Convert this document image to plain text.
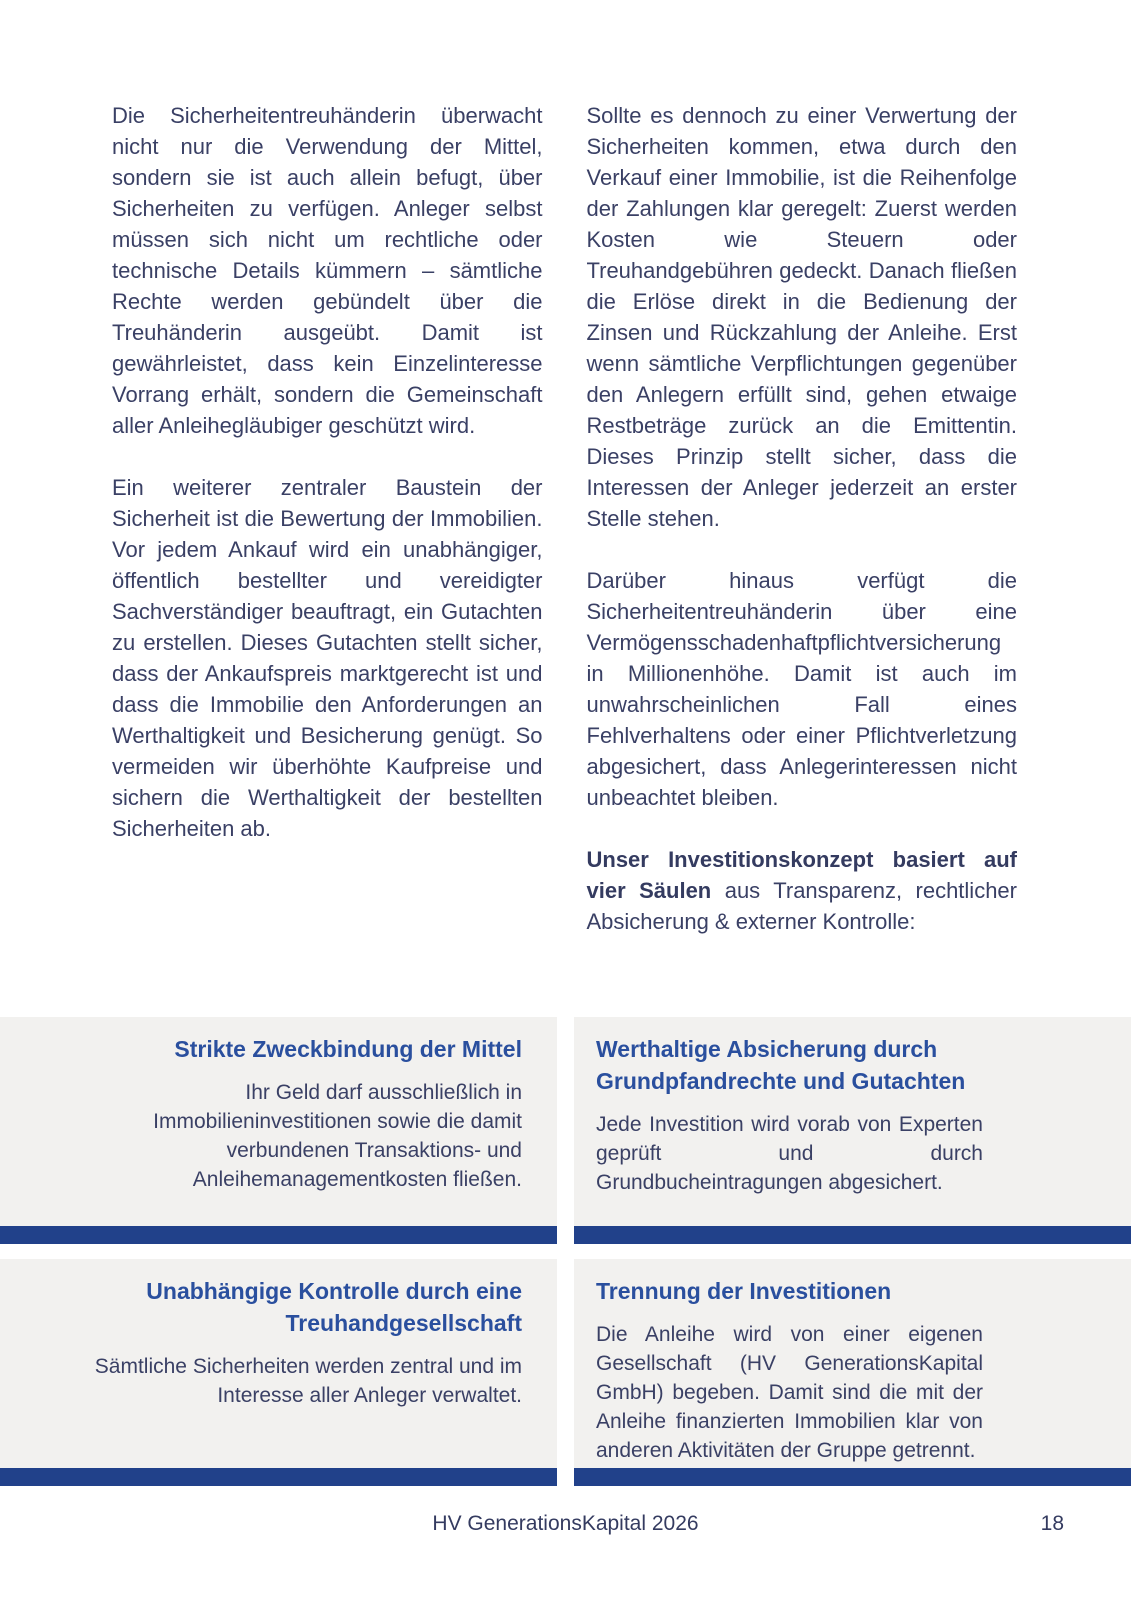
Die Sicherheitentreuhänderin überwacht nicht nur die Verwendung der Mittel, sondern sie ist auch allein befugt, über Sicherheiten zu verfügen. Anleger selbst müssen sich nicht um rechtliche oder technische Details kümmern – sämtliche Rechte werden gebündelt über die Treuhänderin ausgeübt. Damit ist gewährleistet, dass kein Einzelinteresse Vorrang erhält, sondern die Gemeinschaft aller Anleihegläubiger geschützt wird.

Ein weiterer zentraler Baustein der Sicherheit ist die Bewertung der Immobilien. Vor jedem Ankauf wird ein unabhängiger, öffentlich bestellter und vereidigter Sachverständiger beauftragt, ein Gutachten zu erstellen. Dieses Gutachten stellt sicher, dass der Ankaufspreis marktgerecht ist und dass die Immobilie den Anforderungen an Werthaltigkeit und Besicherung genügt. So vermeiden wir überhöhte Kaufpreise und sichern die Werthaltigkeit der bestellten Sicherheiten ab.

Sollte es dennoch zu einer Verwertung der Sicherheiten kommen, etwa durch den Verkauf einer Immobilie, ist die Reihenfolge der Zahlungen klar geregelt: Zuerst werden Kosten wie Steuern oder Treuhandgebühren gedeckt. Danach fließen die Erlöse direkt in die Bedienung der Zinsen und Rückzahlung der Anleihe. Erst wenn sämtliche Verpflichtungen gegenüber den Anlegern erfüllt sind, gehen etwaige Restbeträge zurück an die Emittentin. Dieses Prinzip stellt sicher, dass die Interessen der Anleger jederzeit an erster Stelle stehen.

Darüber hinaus verfügt die Sicherheitentreuhänderin über eine Vermögensschadenhaftpflichtversicherung in Millionenhöhe. Damit ist auch im unwahrscheinlichen Fall eines Fehlverhaltens oder einer Pflichtverletzung abgesichert, dass Anlegerinteressen nicht unbeachtet bleiben.

Unser Investitionskonzept basiert auf vier Säulen aus Transparenz, rechtlicher Absicherung & externer Kontrolle:

Strikte Zweckbindung der Mittel

Ihr Geld darf ausschließlich in Immobilieninvestitionen sowie die damit verbundenen Transaktions- und Anleihemanagementkosten fließen.

Werthaltige Absicherung durch Grundpfandrechte und Gutachten

Jede Investition wird vorab von Experten geprüft und durch Grundbucheintragungen abgesichert.

Unabhängige Kontrolle durch eine Treuhandgesellschaft

Sämtliche Sicherheiten werden zentral und im Interesse aller Anleger verwaltet.

Trennung der Investitionen

Die Anleihe wird von einer eigenen Gesellschaft (HV GenerationsKapital GmbH) begeben. Damit sind die mit der Anleihe finanzierten Immobilien klar von anderen Aktivitäten der Gruppe getrennt.

HV GenerationsKapital 2026	18
